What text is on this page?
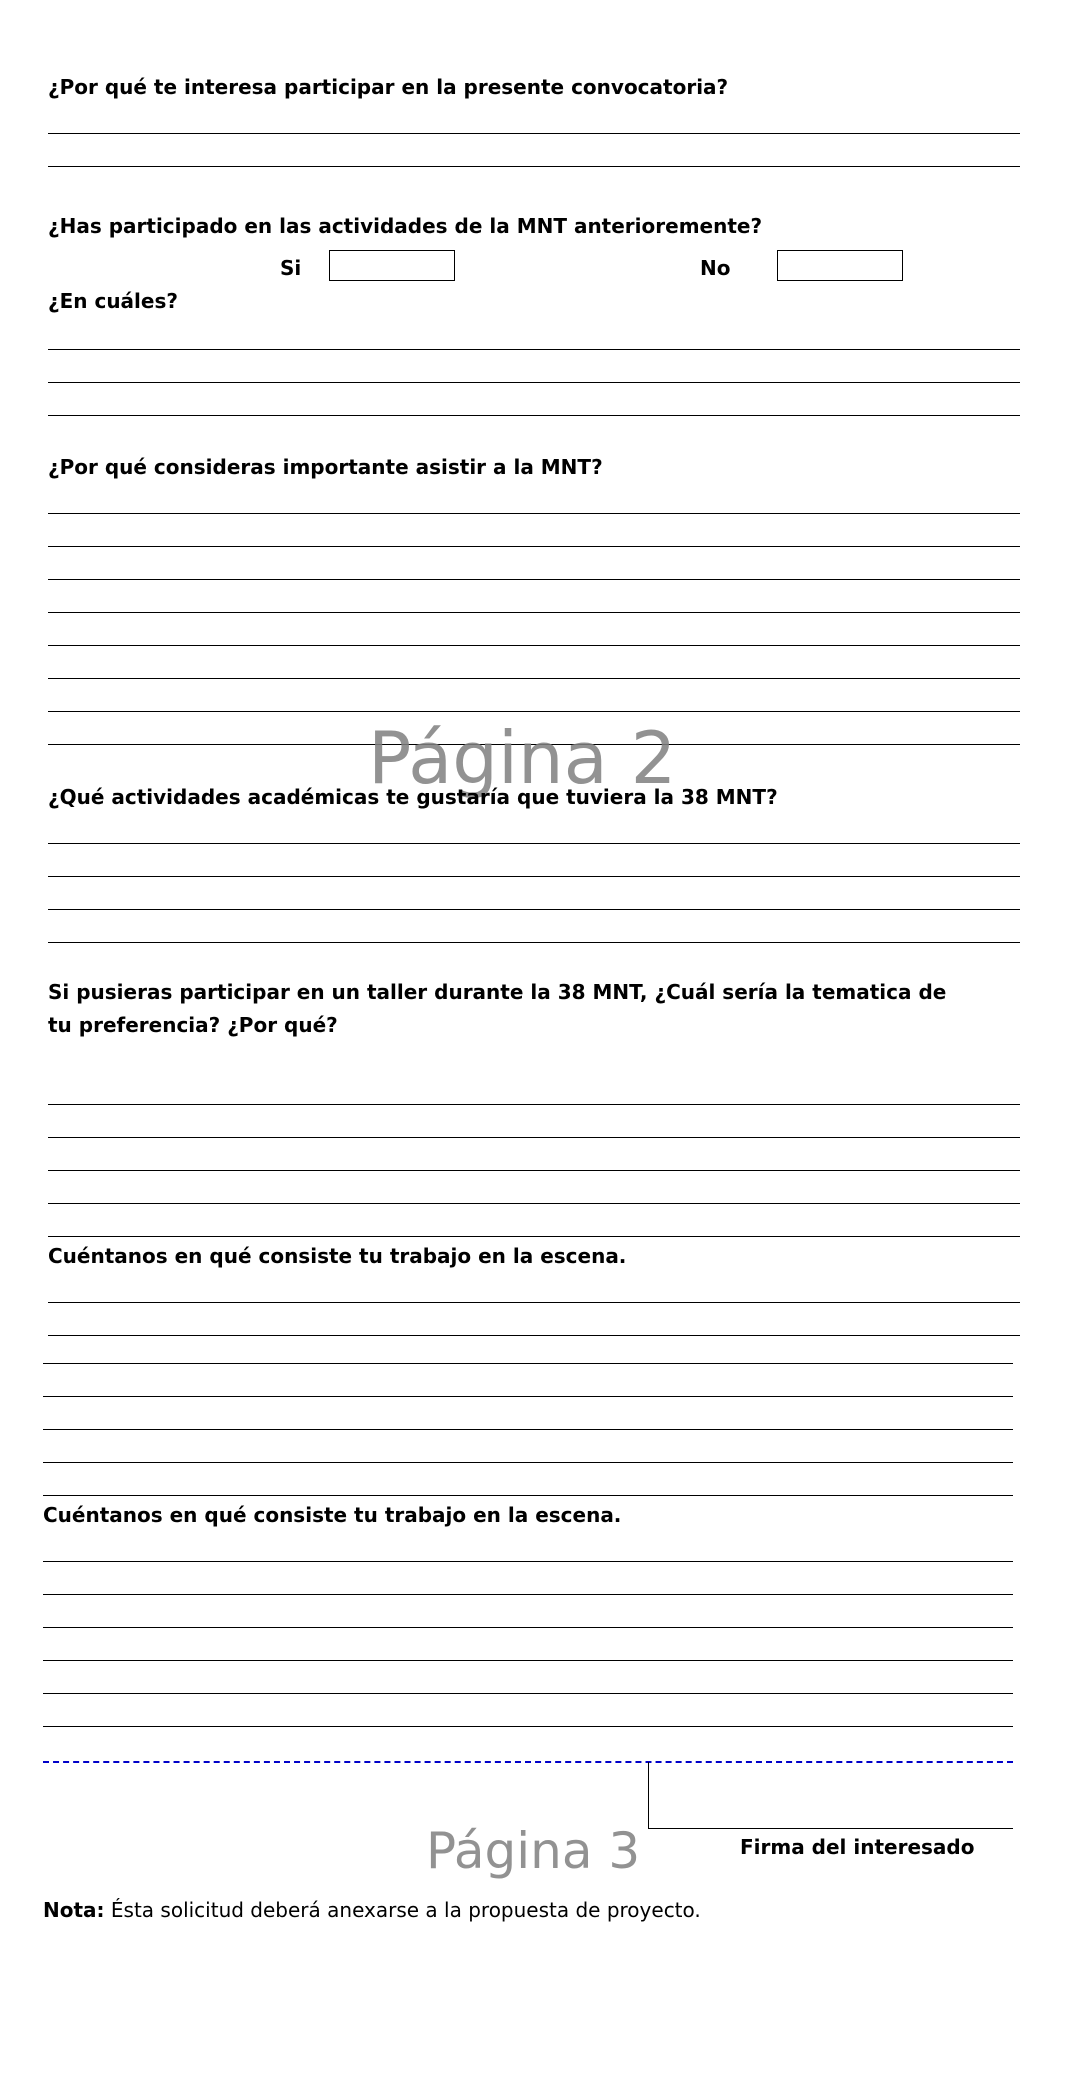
¿Por qué te interesa participar en la presente convocatoria?
¿Has participado en las actividades de la MNT anterioremente?
Si	No
¿En cuáles?
¿Por qué consideras importante asistir a la MNT?
Página 2
¿Qué actividades académicas te gustaría que tuviera la 38 MNT?
Si pusieras participar en un taller durante la 38 MNT, ¿Cuál sería la tematica de tu preferencia? ¿Por qué?
Cuéntanos en qué consiste tu trabajo en la escena.
Cuéntanos en qué consiste tu trabajo en la escena.
Firma del interesado
Página 3
Nota: Ésta solicitud deberá anexarse a la propuesta de proyecto.
